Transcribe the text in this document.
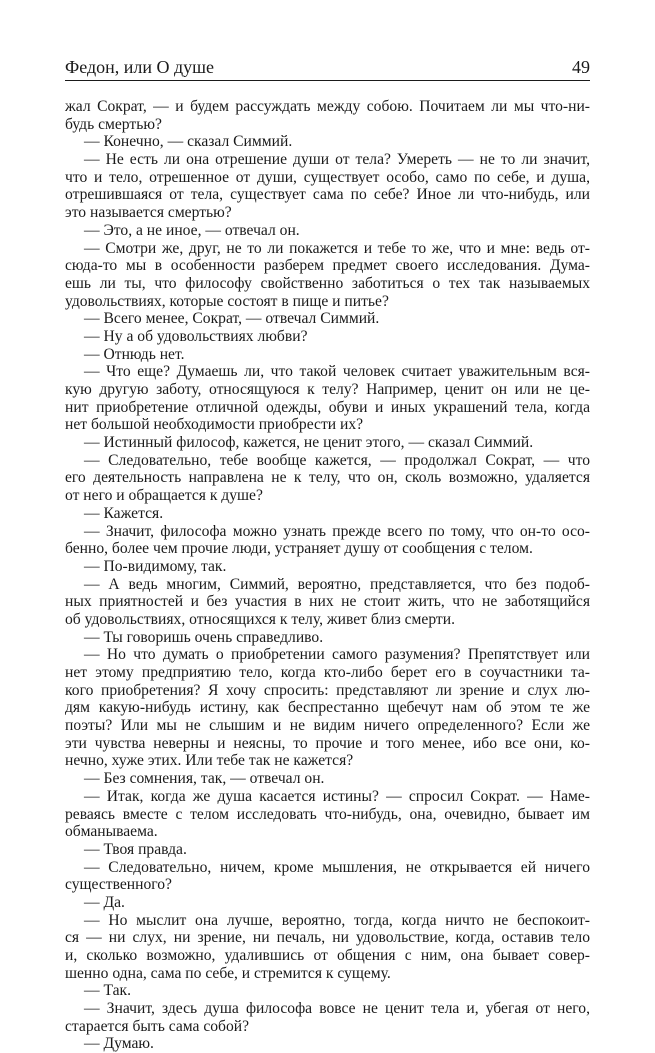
Федон, или О душе	49
жал Сократ, — и будем рассуждать между собою. Почитаем ли мы что-ни-
будь смертью?
— Конечно, — сказал Симмий.
— Не есть ли она отрешение души от тела? Умереть — не то ли значит,
что и тело, отрешенное от души, существует особо, само по себе, и душа,
отрешившаяся от тела, существует сама по себе? Иное ли что-нибудь, или
это называется смертью?
— Это, а не иное, — отвечал он.
— Смотри же, друг, не то ли покажется и тебе то же, что и мне: ведь от-
сюда-то мы в особенности разберем предмет своего исследования. Дума-
ешь ли ты, что философу свойственно заботиться о тех так называемых
удовольствиях, которые состоят в пище и питье?
— Всего менее, Сократ, — отвечал Симмий.
— Ну а об удовольствиях любви?
— Отнюдь нет.
— Что еще? Думаешь ли, что такой человек считает уважительным вся-
кую другую заботу, относящуюся к телу? Например, ценит он или не це-
нит приобретение отличной одежды, обуви и иных украшений тела, когда
нет большой необходимости приобрести их?
— Истинный философ, кажется, не ценит этого, — сказал Симмий.
— Следовательно, тебе вообще кажется, — продолжал Сократ, — что
его деятельность направлена не к телу, что он, сколь возможно, удаляется
от него и обращается к душе?
— Кажется.
— Значит, философа можно узнать прежде всего по тому, что он-то осо-
бенно, более чем прочие люди, устраняет душу от сообщения с телом.
— По-видимому, так.
— А ведь многим, Симмий, вероятно, представляется, что без подоб-
ных приятностей и без участия в них не стоит жить, что не заботящийся
об удовольствиях, относящихся к телу, живет близ смерти.
— Ты говоришь очень справедливо.
— Но что думать о приобретении самого разумения? Препятствует или
нет этому предприятию тело, когда кто-либо берет его в соучастники та-
кого приобретения? Я хочу спросить: представляют ли зрение и слух лю-
дям какую-нибудь истину, как беспрестанно щебечут нам об этом те же
поэты? Или мы не слышим и не видим ничего определенного? Если же
эти чувства неверны и неясны, то прочие и того менее, ибо все они, ко-
нечно, хуже этих. Или тебе так не кажется?
— Без сомнения, так, — отвечал он.
— Итак, когда же душа касается истины? — спросил Сократ. — Наме-
реваясь вместе с телом исследовать что-нибудь, она, очевидно, бывает им
обманываема.
— Твоя правда.
— Следовательно, ничем, кроме мышления, не открывается ей ничего
существенного?
— Да.
— Но мыслит она лучше, вероятно, тогда, когда ничто не беспокоит-
ся — ни слух, ни зрение, ни печаль, ни удовольствие, когда, оставив тело
и, сколько возможно, удалившись от общения с ним, она бывает совер-
шенно одна, сама по себе, и стремится к сущему.
— Так.
— Значит, здесь душа философа вовсе не ценит тела и, убегая от него,
старается быть сама собой?
— Думаю.
